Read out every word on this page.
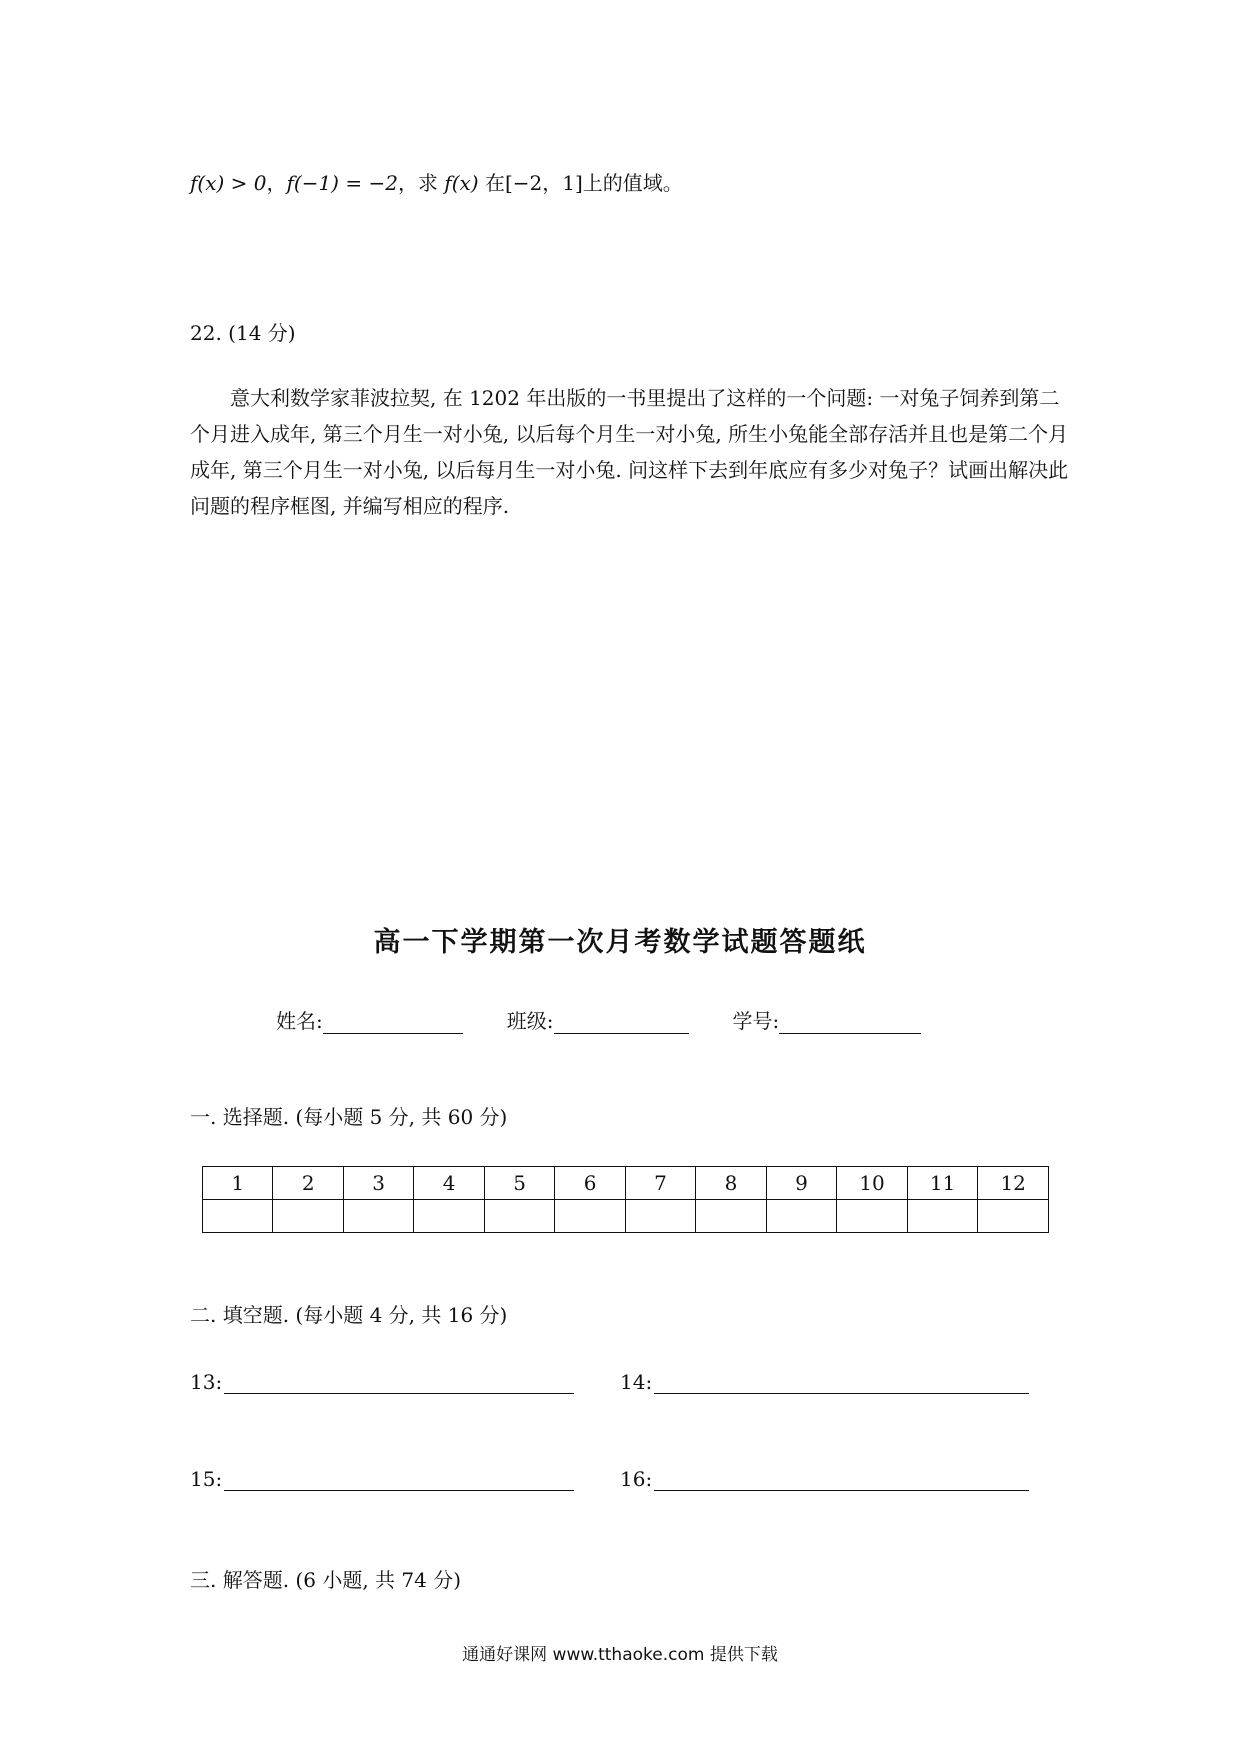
f(x) > 0，f(−1) = −2，求 f(x) 在[−2，1]上的值域。
22. (14 分)
意大利数学家菲波拉契, 在 1202 年出版的一书里提出了这样的一个问题: 一对兔子饲养到第二个月进入成年, 第三个月生一对小兔, 以后每个月生一对小兔, 所生小兔能全部存活并且也是第二个月成年, 第三个月生一对小兔, 以后每月生一对小兔. 问这样下去到年底应有多少对兔子？试画出解决此问题的程序框图, 并编写相应的程序.
高一下学期第一次月考数学试题答题纸
姓名:	班级:	学号:
一. 选择题. (每小题 5 分, 共 60 分)
1	2	3	4	5	6	7	8	9	10	11	12

二. 填空题. (每小题 4 分, 共 16 分)
13:	14:
15:	16:
三. 解答题. (6 小题, 共 74 分)
通通好课网 www.tthaoke.com 提供下载
